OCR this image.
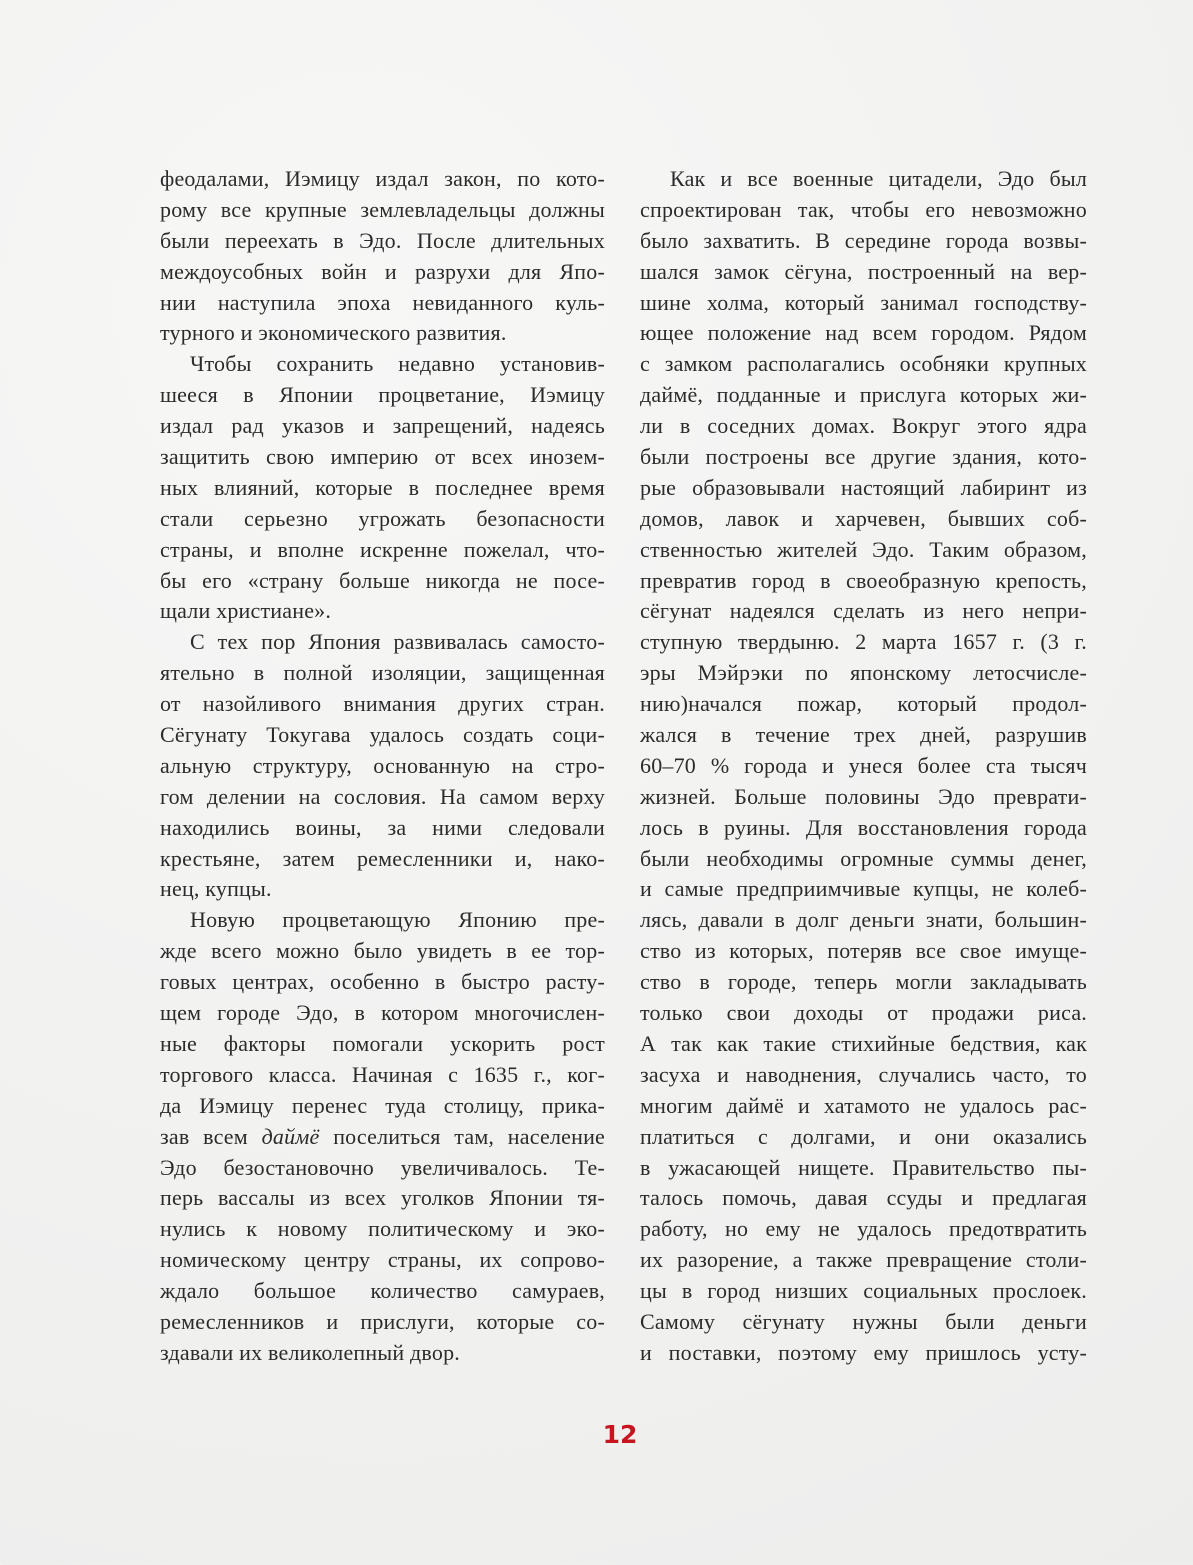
феодалами, Иэмицу издал закон, по кото-
рому все крупные землевладельцы должны
были переехать в Эдо. После длительных
междоусобных войн и разрухи для Япо-
нии наступила эпоха невиданного куль-
турного и экономического развития.
Чтобы сохранить недавно установив-
шееся в Японии процветание, Иэмицу
издал рад указов и запрещений, надеясь
защитить свою империю от всех инозем-
ных влияний, которые в последнее время
стали серьезно угрожать безопасности
страны, и вполне искренне пожелал, что-
бы его «страну больше никогда не посе-
щали христиане».
С тех пор Япония развивалась самосто-
ятельно в полной изоляции, защищенная
от назойливого внимания других стран.
Сёгунату Токугава удалось создать соци-
альную структуру, основанную на стро-
гом делении на сословия. На самом верху
находились воины, за ними следовали
крестьяне, затем ремесленники и, нако-
нец, купцы.
Новую процветающую Японию пре-
жде всего можно было увидеть в ее тор-
говых центрах, особенно в быстро расту-
щем городе Эдо, в котором многочислен-
ные факторы помогали ускорить рост
торгового класса. Начиная с 1635 г., ког-
да Иэмицу перенес туда столицу, прика-
зав всем даймё поселиться там, население
Эдо безостановочно увеличивалось. Те-
перь вассалы из всех уголков Японии тя-
нулись к новому политическому и эко-
номическому центру страны, их сопрово-
ждало большое количество самураев,
ремесленников и прислуги, которые со-
здавали их великолепный двор.
Как и все военные цитадели, Эдо был
спроектирован так, чтобы его невозможно
было захватить. В середине города возвы-
шался замок сёгуна, построенный на вер-
шине холма, который занимал господству-
ющее положение над всем городом. Рядом
с замком располагались особняки крупных
даймё, подданные и прислуга которых жи-
ли в соседних домах. Вокруг этого ядра
были построены все другие здания, кото-
рые образовывали настоящий лабиринт из
домов, лавок и харчевен, бывших соб-
ственностью жителей Эдо. Таким образом,
превратив город в своеобразную крепость,
сёгунат надеялся сделать из него непри-
ступную твердыню. 2 марта 1657 г. (3 г.
эры Мэйрэки по японскому летосчисле-
нию)начался пожар, который продол-
жался в течение трех дней, разрушив
60–70 % города и унеся более ста тысяч
жизней. Больше половины Эдо преврати-
лось в руины. Для восстановления города
были необходимы огромные суммы денег,
и самые предприимчивые купцы, не колеб-
лясь, давали в долг деньги знати, большин-
ство из которых, потеряв все свое имуще-
ство в городе, теперь могли закладывать
только свои доходы от продажи риса.
А так как такие стихийные бедствия, как
засуха и наводнения, случались часто, то
многим даймё и хатамото не удалось рас-
платиться с долгами, и они оказались
в ужасающей нищете. Правительство пы-
талось помочь, давая ссуды и предлагая
работу, но ему не удалось предотвратить
их разорение, а также превращение столи-
цы в город низших социальных прослоек.
Самому сёгунату нужны были деньги
и поставки, поэтому ему пришлось усту-
12
